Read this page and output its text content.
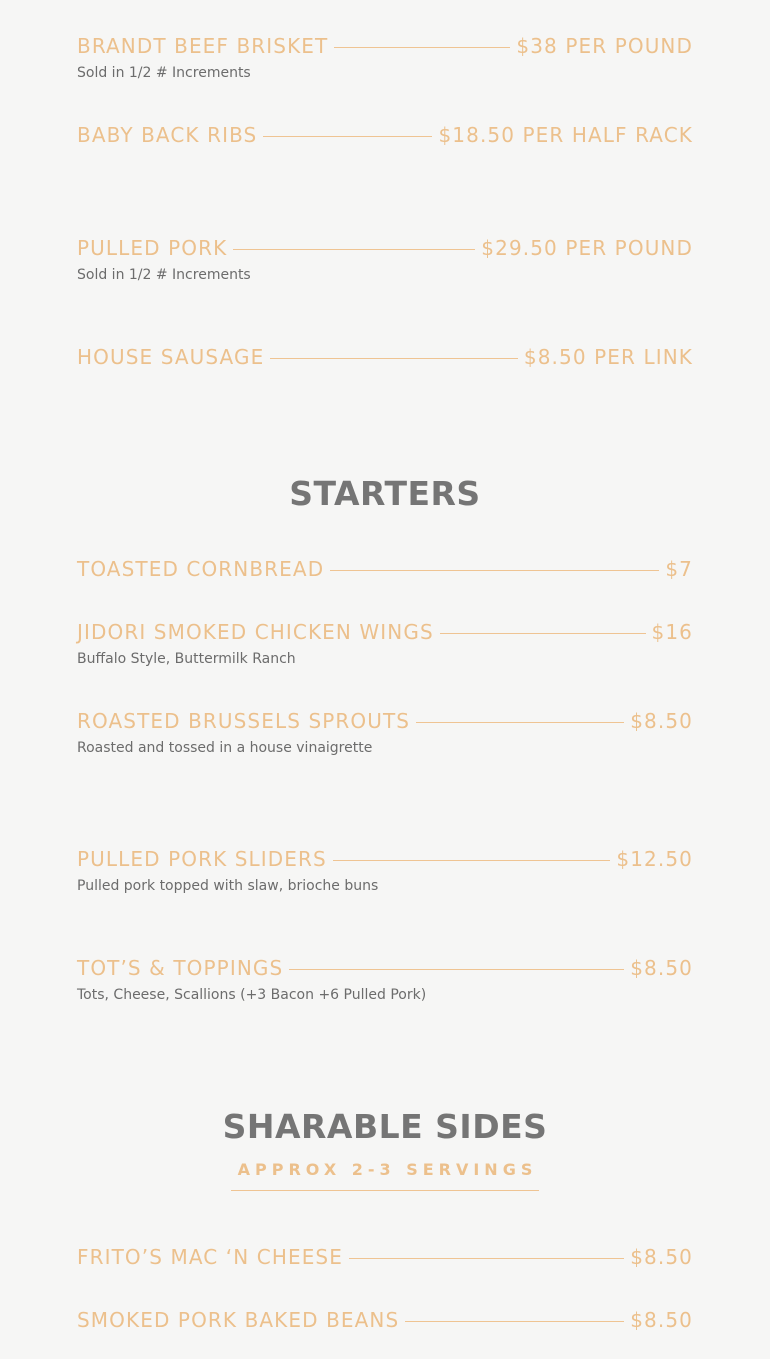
BRANDT BEEF BRISKET	$38 PER POUND
Sold in 1/2 # Increments
BABY BACK RIBS	$18.50 PER HALF RACK
PULLED PORK	$29.50 PER POUND
Sold in 1/2 # Increments
HOUSE SAUSAGE	$8.50 PER LINK
STARTERS
TOASTED CORNBREAD	$7
JIDORI SMOKED CHICKEN WINGS	$16
Buffalo Style, Buttermilk Ranch
ROASTED BRUSSELS SPROUTS	$8.50
Roasted and tossed in a house vinaigrette
PULLED PORK SLIDERS	$12.50
Pulled pork topped with slaw, brioche buns
TOT’S & TOPPINGS	$8.50
Tots, Cheese, Scallions (+3 Bacon +6 Pulled Pork)
SHARABLE SIDES
APPROX 2-3 SERVINGS
FRITO’S MAC ‘N CHEESE	$8.50
SMOKED PORK BAKED BEANS	$8.50
